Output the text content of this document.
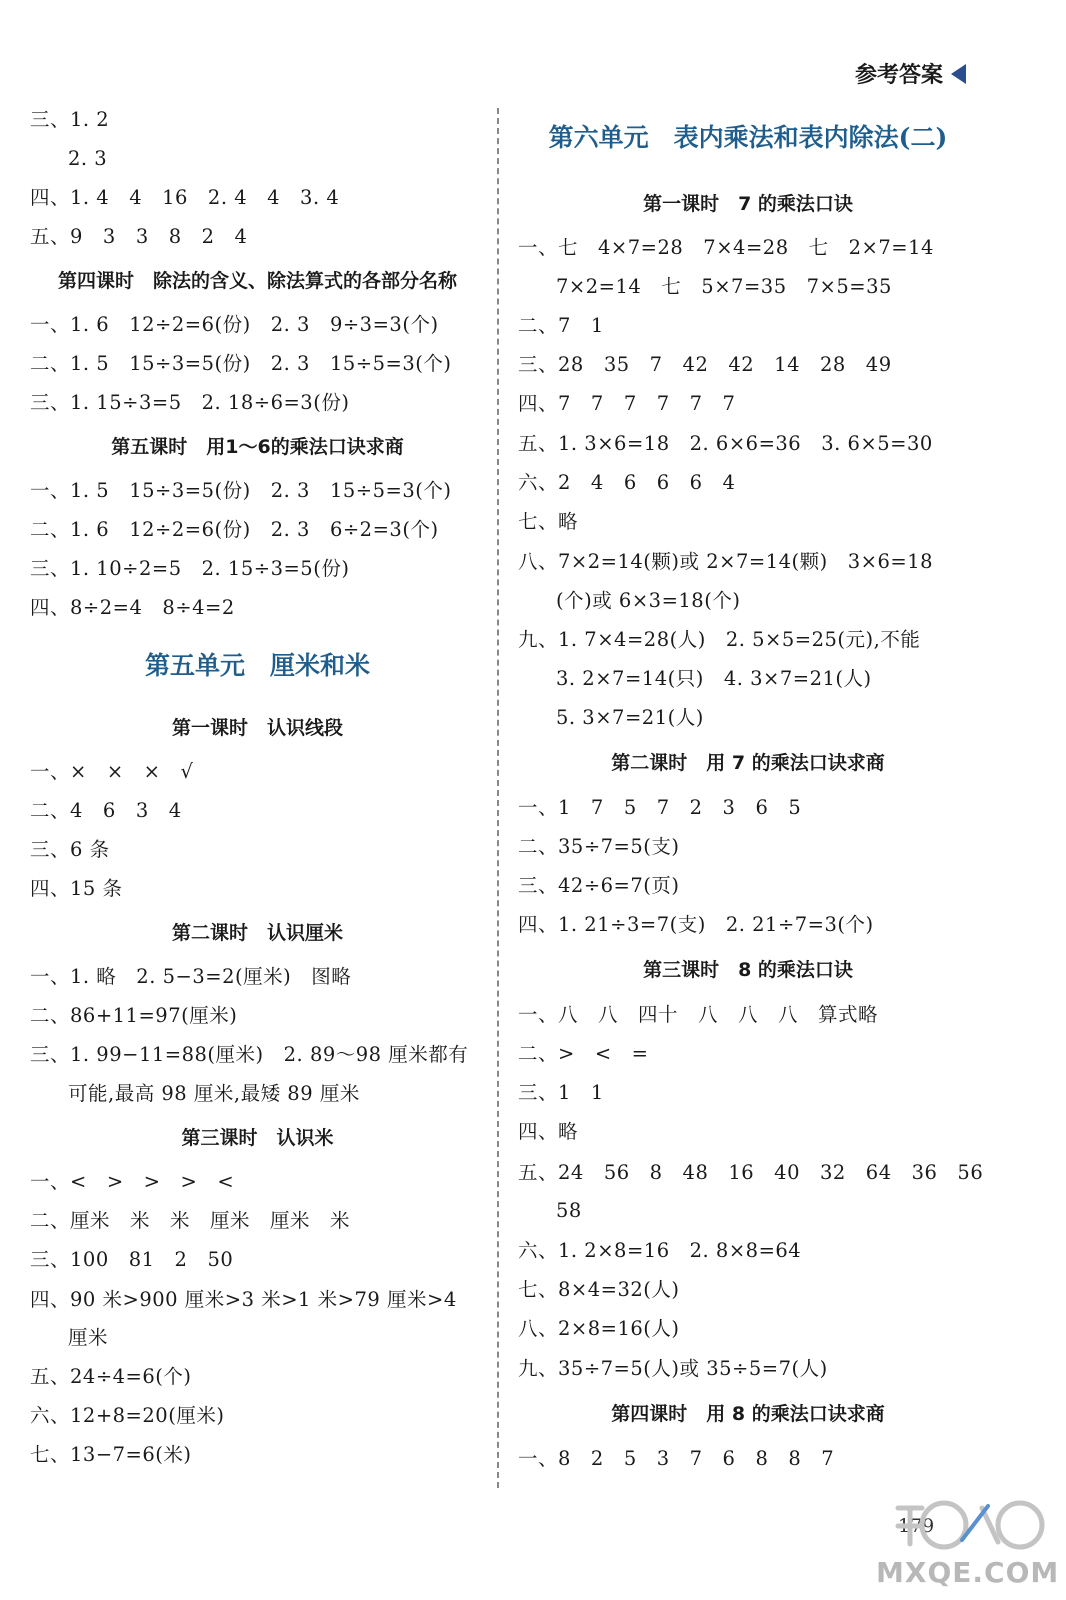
参考答案
三、1. 2
2. 3
四、1. 4　4　16　2. 4　4　3. 4
五、9　3　3　8　2　4
第四课时　除法的含义、除法算式的各部分名称
一、1. 6　12÷2=6(份)　2. 3　9÷3=3(个)
二、1. 5　15÷3=5(份)　2. 3　15÷5=3(个)
三、1. 15÷3=5　2. 18÷6=3(份)
第五课时　用1～6的乘法口诀求商
一、1. 5　15÷3=5(份)　2. 3　15÷5=3(个)
二、1. 6　12÷2=6(份)　2. 3　6÷2=3(个)
三、1. 10÷2=5　2. 15÷3=5(份)
四、8÷2=4　8÷4=2
第五单元　厘米和米
第一课时　认识线段
一、×　×　×　√
二、4　6　3　4
三、6 条
四、15 条
第二课时　认识厘米
一、1. 略　2. 5−3=2(厘米)　图略
二、86+11=97(厘米)
三、1. 99−11=88(厘米)　2. 89～98 厘米都有
可能,最高 98 厘米,最矮 89 厘米
第三课时　认识米
一、<　>　>　>　<
二、厘米　米　米　厘米　厘米　米
三、100　81　2　50
四、90 米>900 厘米>3 米>1 米>79 厘米>4
厘米
五、24÷4=6(个)
六、12+8=20(厘米)
七、13−7=6(米)
第六单元　表内乘法和表内除法(二)
第一课时　7 的乘法口诀
一、七　4×7=28　7×4=28　七　2×7=14
7×2=14　七　5×7=35　7×5=35
二、7　1
三、28　35　7　42　42　14　28　49
四、7　7　7　7　7　7
五、1. 3×6=18　2. 6×6=36　3. 6×5=30
六、2　4　6　6　6　4
七、略
八、7×2=14(颗)或 2×7=14(颗)　3×6=18
(个)或 6×3=18(个)
九、1. 7×4=28(人)　2. 5×5=25(元),不能
3. 2×7=14(只)　4. 3×7=21(人)
5. 3×7=21(人)
第二课时　用 7 的乘法口诀求商
一、1　7　5　7　2　3　6　5
二、35÷7=5(支)
三、42÷6=7(页)
四、1. 21÷3=7(支)　2. 21÷7=3(个)
第三课时　8 的乘法口诀
一、八　八　四十　八　八　八　算式略
二、>　<　=
三、1　1
四、略
五、24　56　8　48　16　40　32　64　36　56
58
六、1. 2×8=16　2. 8×8=64
七、8×4=32(人)
八、2×8=16(人)
九、35÷7=5(人)或 35÷5=7(人)
第四课时　用 8 的乘法口诀求商
一、8　2　5　3　7　6　8　8　7
179
MXQE.COM
